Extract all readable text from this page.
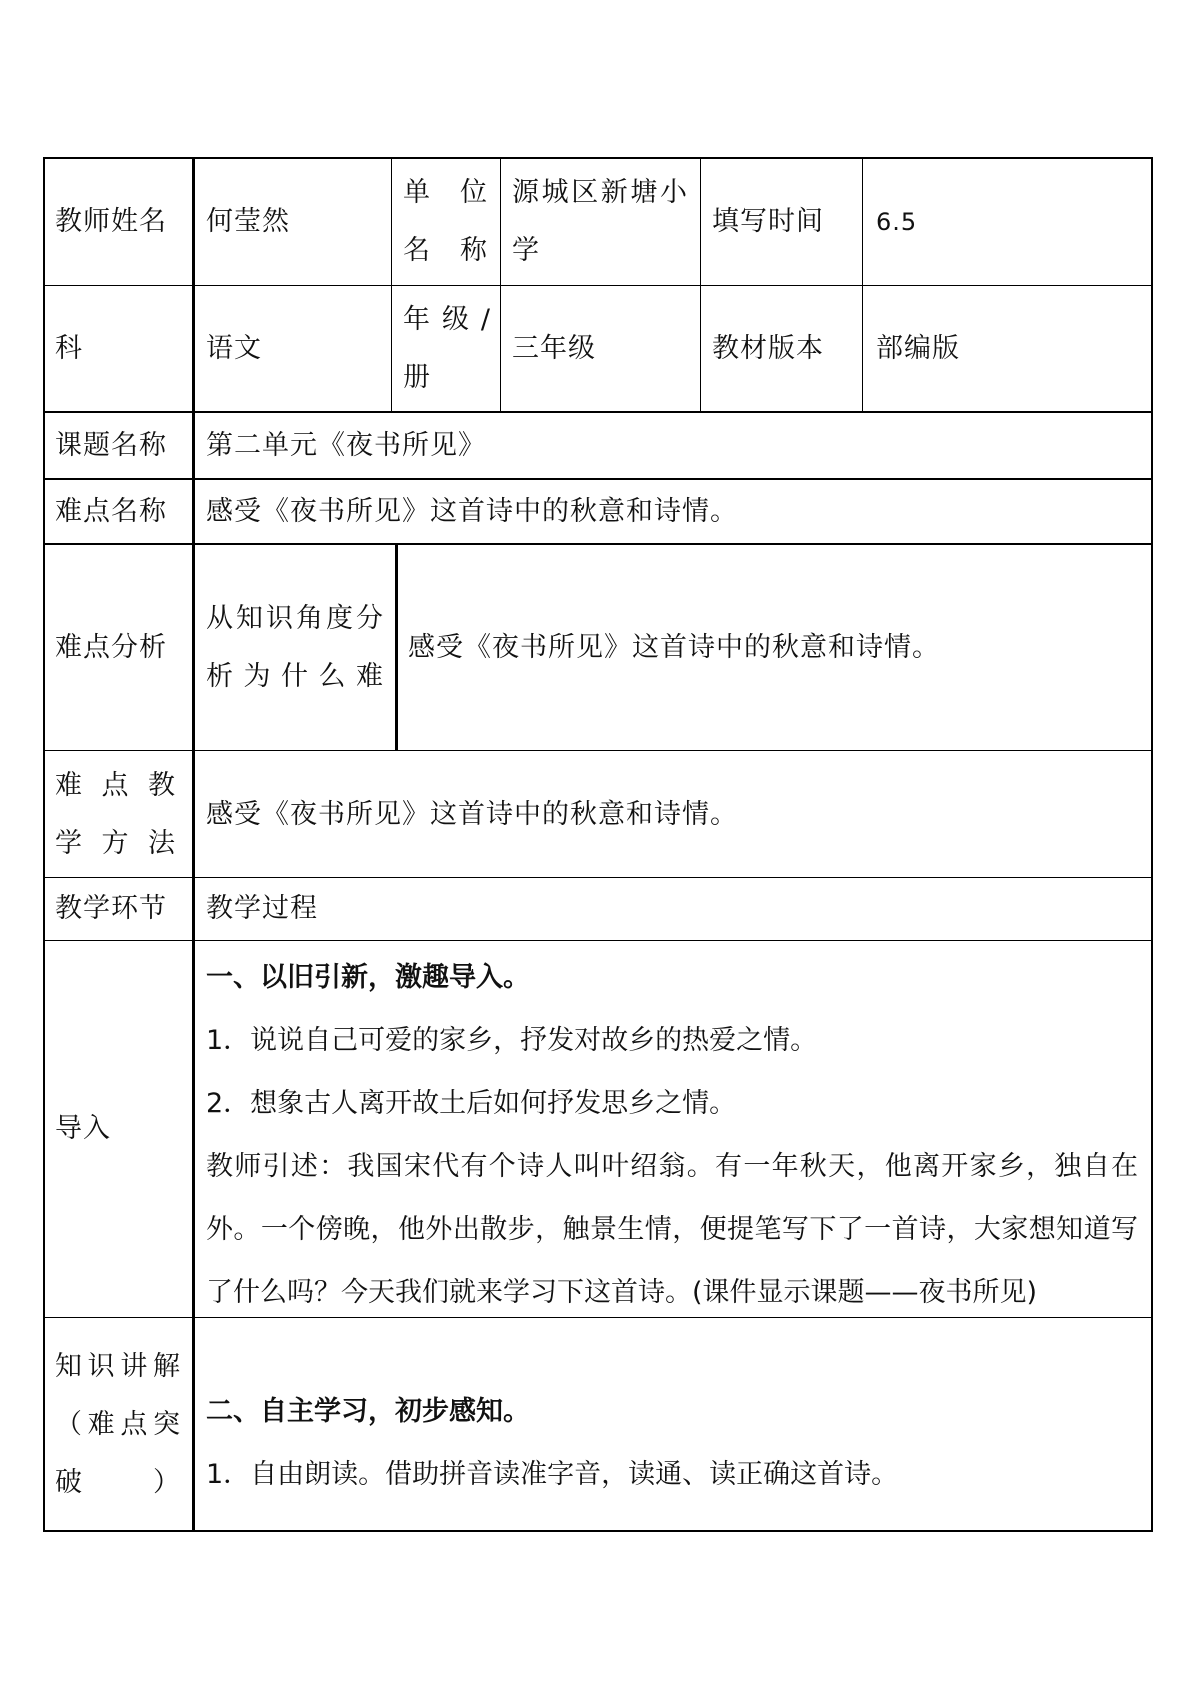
教师姓名 何莹然
单位名称
源城区新塘小学
填写时间 6.5
科	语文
年级/册
三年级	教材版本 部编版
课题名称 第二单元《夜书所见》
难点名称 感受《夜书所见》这首诗中的秋意和诗情。
难点分析
从知识角度分析为什么难
感受《夜书所见》这首诗中的秋意和诗情。
难点教学方法
感受《夜书所见》这首诗中的秋意和诗情。
教学环节 教学过程
导入
一、以旧引新，激趣导入。
1．说说自己可爱的家乡，抒发对故乡的热爱之情。
2．想象古人离开故土后如何抒发思乡之情。
教师引述：我国宋代有个诗人叫叶绍翁。有一年秋天，他离开家乡，独自在外。一个傍晚，他外出散步，触景生情，便提笔写下了一首诗，大家想知道写了什么吗？今天我们就来学习下这首诗。(课件显示课题——夜书所见)
知识讲解（难点突破）
二、自主学习，初步感知。
1．自由朗读。借助拼音读准字音，读通、读正确这首诗。
